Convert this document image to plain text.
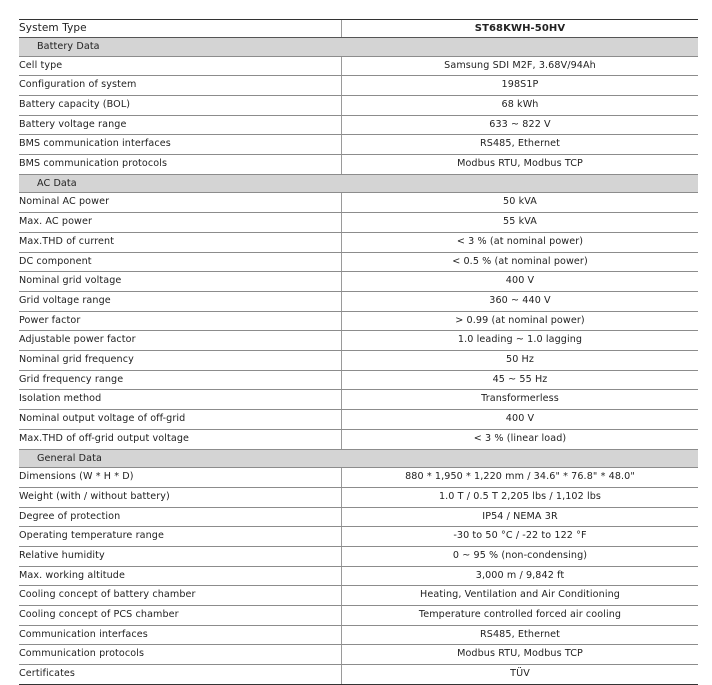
System Type	ST68KWH-50HV
Battery Data	
Cell type	Samsung SDI M2F, 3.68V/94Ah
Configuration of system	198S1P
Battery capacity (BOL)	68 kWh
Battery voltage range	633 ~ 822 V
BMS communication interfaces	RS485, Ethernet
BMS communication protocols	Modbus RTU, Modbus TCP
AC Data	
Nominal AC power	50 kVA
Max. AC power	55 kVA
Max.THD of current	< 3 % (at nominal power)
DC component	< 0.5 % (at nominal power)
Nominal grid voltage	400 V
Grid voltage range	360 ~ 440 V
Power factor	> 0.99 (at nominal power)
Adjustable power factor	1.0 leading ~ 1.0 lagging
Nominal grid frequency	50 Hz
Grid frequency range	45 ~ 55 Hz
Isolation method	Transformerless
Nominal output voltage of off-grid	400 V
Max.THD of off-grid output voltage	< 3 % (linear load)
General Data	
Dimensions (W * H * D)	880 * 1,950 * 1,220 mm / 34.6" * 76.8" * 48.0"
Weight (with / without battery)	1.0 T / 0.5 T 2,205 lbs / 1,102 lbs
Degree of protection	IP54 / NEMA 3R
Operating temperature range	-30 to 50 °C / -22 to 122 °F
Relative humidity	0 ~ 95 % (non-condensing)
Max. working altitude	3,000 m / 9,842 ft
Cooling concept of battery chamber	Heating, Ventilation and Air Conditioning
Cooling concept of PCS chamber	Temperature controlled forced air cooling
Communication interfaces	RS485, Ethernet
Communication protocols	Modbus RTU, Modbus TCP
Certificates	TÜV
